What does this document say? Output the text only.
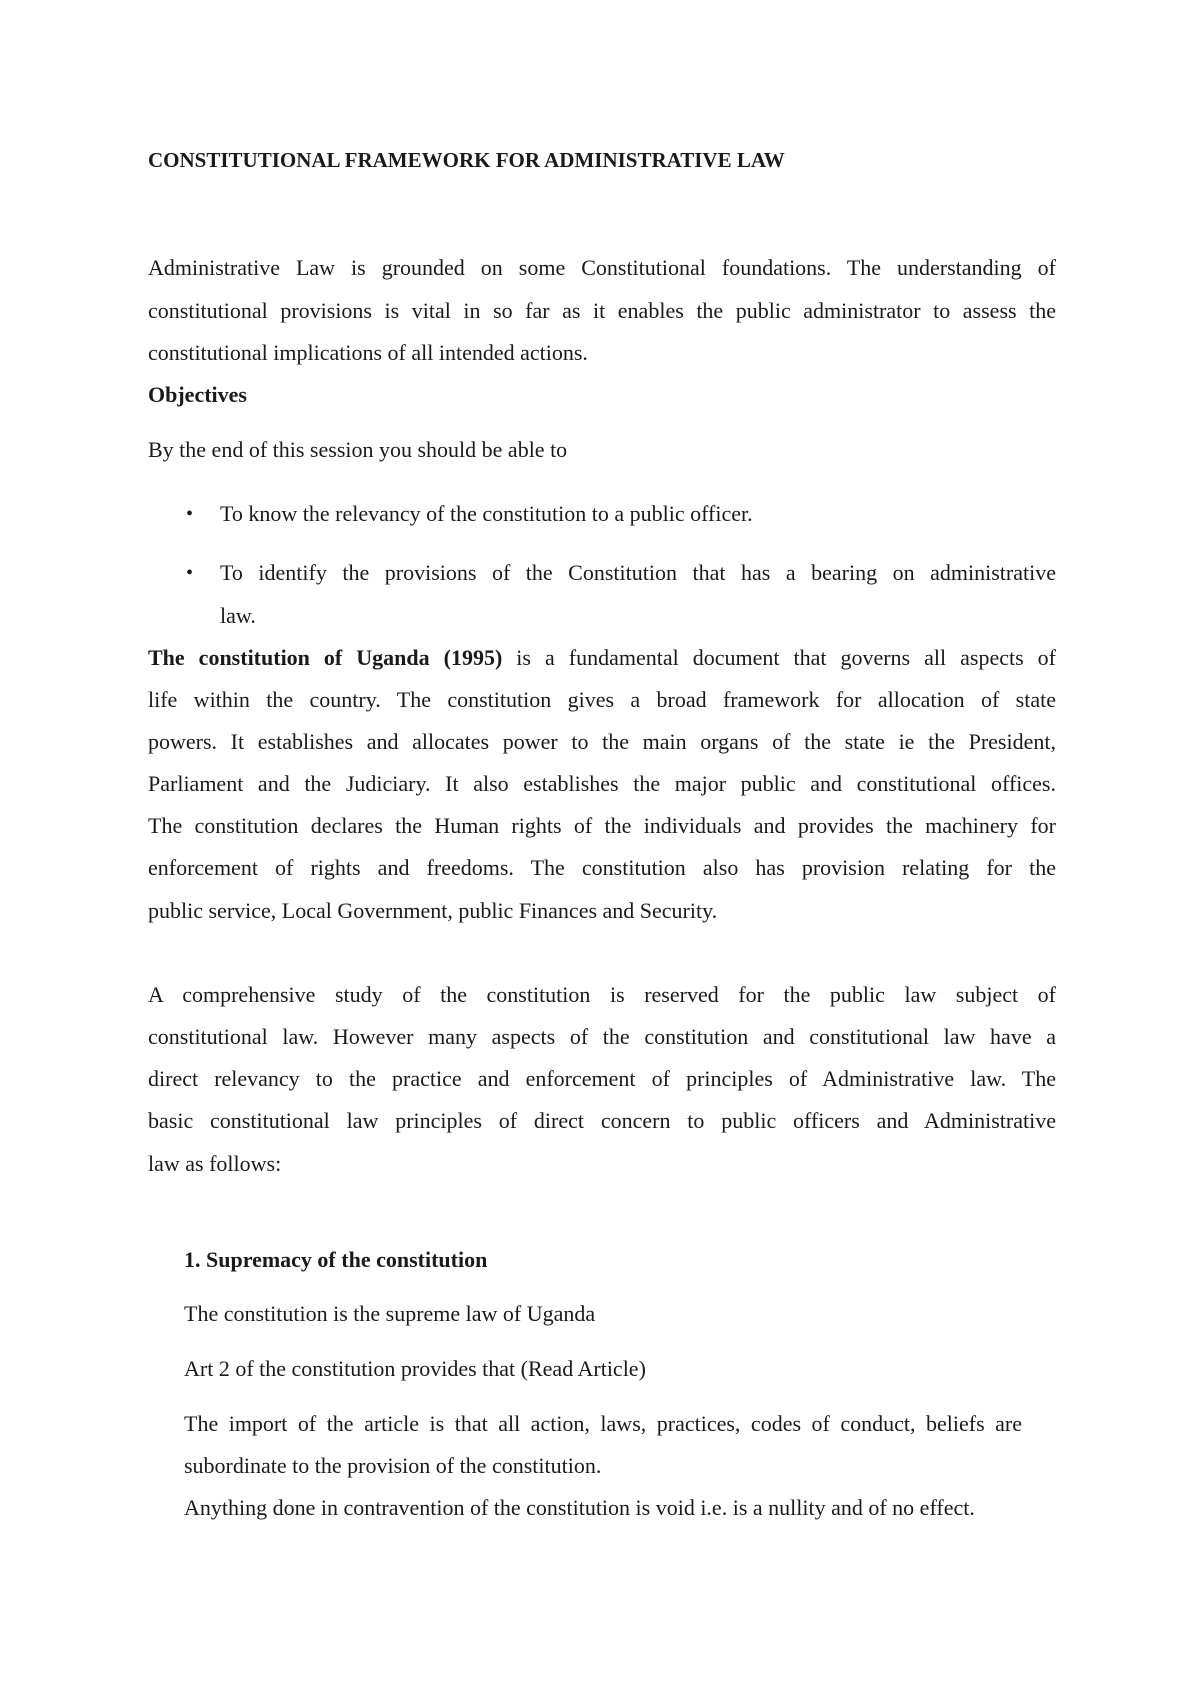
CONSTITUTIONAL FRAMEWORK FOR ADMINISTRATIVE LAW
Administrative Law is grounded on some Constitutional foundations. The understanding of
constitutional provisions is vital in so far as it enables the public administrator to assess the
constitutional implications of all intended actions.
Objectives
By the end of this session you should be able to
• To know the relevancy of the constitution to a public officer.
• To identify the provisions of the Constitution that has a bearing on administrative
law.
The constitution of Uganda (1995) is a fundamental document that governs all aspects of
life within the country. The constitution gives a broad framework for allocation of state
powers. It establishes and allocates power to the main organs of the state ie the President,
Parliament and the Judiciary. It also establishes the major public and constitutional offices.
The constitution declares the Human rights of the individuals and provides the machinery for
enforcement of rights and freedoms. The constitution also has provision relating for the
public service, Local Government, public Finances and Security.
A comprehensive study of the constitution is reserved for the public law subject of
constitutional law. However many aspects of the constitution and constitutional law have a
direct relevancy to the practice and enforcement of principles of Administrative law. The
basic constitutional law principles of direct concern to public officers and Administrative
law as follows:
1. Supremacy of the constitution
The constitution is the supreme law of Uganda
Art 2 of the constitution provides that (Read Article)
The import of the article is that all action, laws, practices, codes of conduct, beliefs are
subordinate to the provision of the constitution.
Anything done in contravention of the constitution is void i.e. is a nullity and of no effect.
